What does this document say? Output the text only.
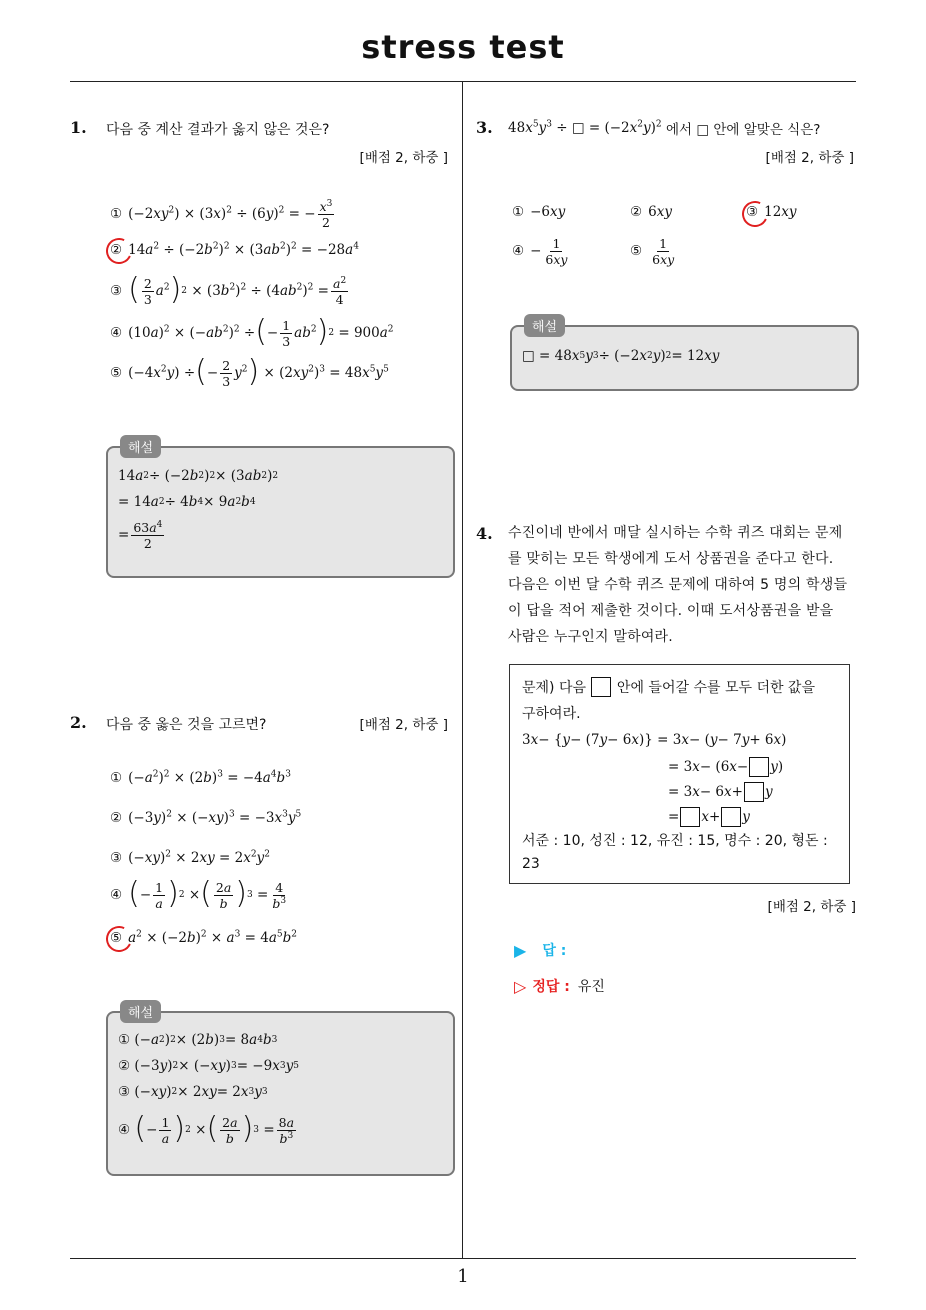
stress test
1. 다음 중 계산 결과가 옳지 않은 것은?
[배점 2, 하중 ]
① $(-2xy^2) \times (3x)^2 \div (6y)^2$ = − $\frac{x^3}{2}$
② $14a^2 \div (-2b^2)^2 \times (3ab^2)^2 = -28a^4$
③ ( $\frac{2}{3} a^2$ ) $2 \times (3b^2)^2 \div (4ab^2)^2 = \frac{a^2}{4}$
④ $(10a)^2 \times (-ab^2)^2$ ÷ ( − $\frac{1}{3} ab^2$ ) $2 = 900a^2$
⑤ $(-4x^2y)$ ÷ ( − $\frac{2}{3} y^2$ ) × $(2xy^2)^3 = 48x^5y^5$
해설
14 a 2 ÷ (−2 b 2 ) 2 × (3 ab 2 ) 2
= 14 a 2 ÷ 4 b 4 × 9 a 2 b 4
= $\frac{63a^4}{2}$
2. 다음 중 옳은 것을 고르면?	[배점 2, 하중 ]
① $(-a^2)^2 \times (2b)^3 = -4a^4b^3$
② $(-3y)^2 \times (-xy)^3 = -3x^3y^5$
③ $(-xy)^2 \times 2xy = 2x^2y^2$
④ ( − $\frac{1}{a}$ ) 2 × ( $\frac{2a}{b}$ ) $3 = \frac{4}{b^3}$
⑤ $a^2 \times (-2b)^2 \times a^3 = 4a^5b^2$
해설
① (− a 2 ) 2 × (2 b ) 3 = 8 a 4 b 3
② (−3 y ) 2 × (− xy ) 3 = −9 x 3 y 5
③ (− xy ) 2 × 2 xy = 2 x 3 y 3
④
( − $\frac{1}{a}$ ) 2 × ( $\frac{2a}{b}$ ) $3 = \frac{8a}{b^3}$
3. $48x^5y^3$ ÷ □ = $(-2x^2y)^2$ 에서 □ 안에 알맞은 식은?
[배점 2, 하중 ]
① −6xy	② 6xy	③ 12xy
④ − $\frac{1}{6xy}$	⑤ $\frac{1}{6xy}$
해설
□ = 48 x 5 y 3 ÷ (−2 x 2 y ) 2 = 12 xy
4. 수진이네 반에서 매달 실시하는 수학 퀴즈 대회는 문제
를 맞히는 모든 학생에게 도서 상품권을 준다고 한다.
다음은 이번 달 수학 퀴즈 문제에 대하여 5 명의 학생들
이 답을 적어 제출한 것이다. 이때 도서상품권을 받을
사람은 누구인지 말하여라.
문제) 다음

안에 들어갈 수를 모두 더한 값을
구하여라.
3 x − { y − (7 y − 6 x )} = 3 x − ( y − 7 y + 6 x )
= 3 x − (6 x − y )
= 3 x − 6 x + y
= x + y
서준 : 10, 성진 : 12, 유진 : 15, 명수 : 20, 형돈 :
23
[배점 2, 하중 ]
▶ 답 :
▷ 정답 : 유진
1
